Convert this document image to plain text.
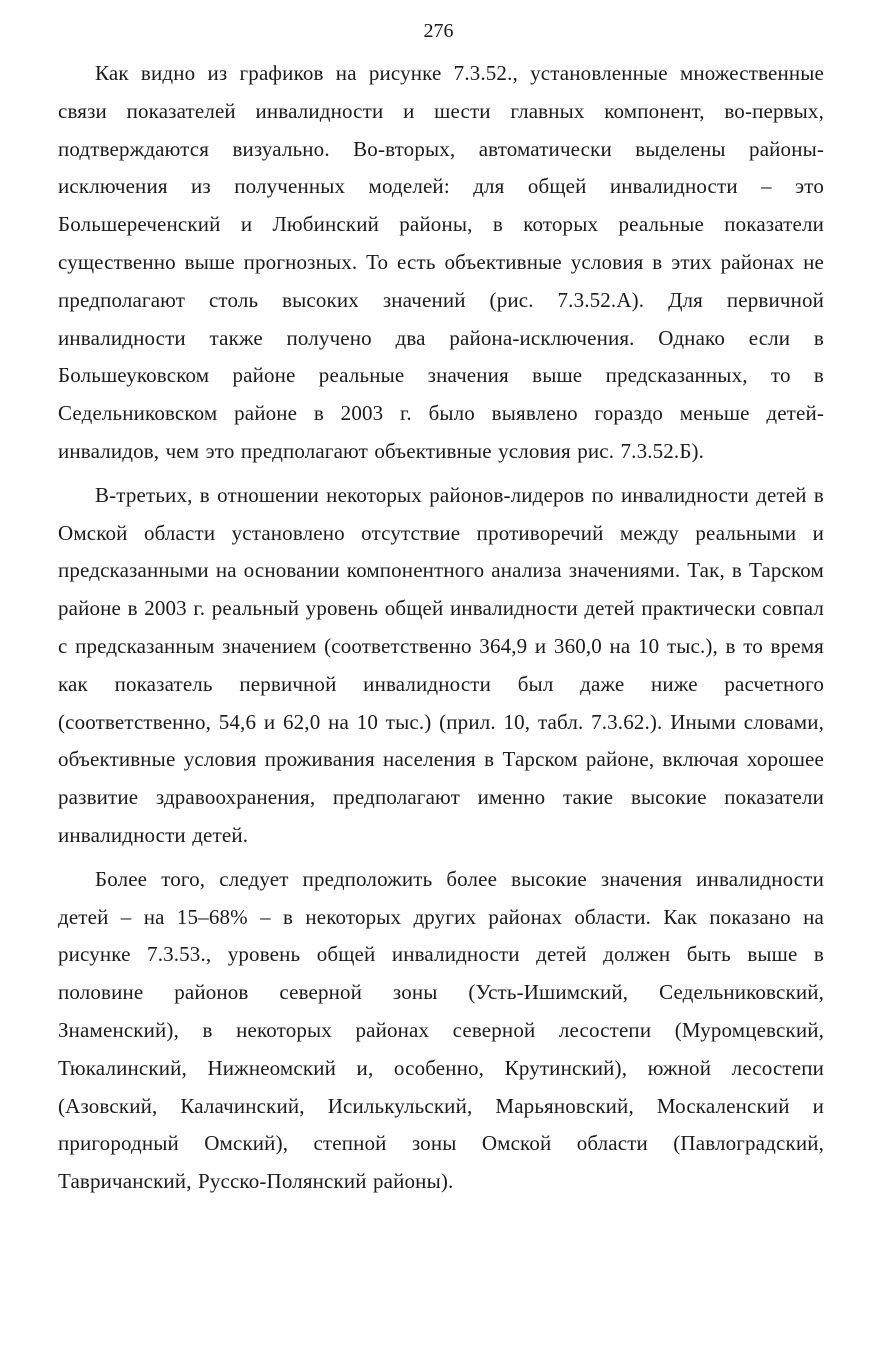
276

Как видно из графиков на рисунке 7.3.52., установленные множественные связи показателей инвалидности и шести главных компонент, во-первых, подтверждаются визуально. Во-вторых, автоматически выделены районы-исключения из полученных моделей: для общей инвалидности – это Большереченский и Любинский районы, в которых реальные показатели существенно выше прогнозных. То есть объективные условия в этих районах не предполагают столь высоких значений (рис. 7.3.52.А). Для первичной инвалидности также получено два района-исключения. Однако если в Большеуковском районе реальные значения выше предсказанных, то в Седельниковском районе в 2003 г. было выявлено гораздо меньше детей-инвалидов, чем это предполагают объективные условия рис. 7.3.52.Б).

В-третьих, в отношении некоторых районов-лидеров по инвалидности детей в Омской области установлено отсутствие противоречий между реальными и предсказанными на основании компонентного анализа значениями. Так, в Тарском районе в 2003 г. реальный уровень общей инвалидности детей практически совпал с предсказанным значением (соответственно 364,9 и 360,0 на 10 тыс.), в то время как показатель первичной инвалидности был даже ниже расчетного (соответственно, 54,6 и 62,0 на 10 тыс.) (прил. 10, табл. 7.3.62.). Иными словами, объективные условия проживания населения в Тарском районе, включая хорошее развитие здравоохранения, предполагают именно такие высокие показатели инвалидности детей.

Более того, следует предположить более высокие значения инвалидности детей – на 15–68% – в некоторых других районах области. Как показано на рисунке 7.3.53., уровень общей инвалидности детей должен быть выше в половине районов северной зоны (Усть-Ишимский, Седельниковский, Знаменский), в некоторых районах северной лесостепи (Муромцевский, Тюкалинский, Нижнеомский и, особенно, Крутинский), южной лесостепи (Азовский, Калачинский, Исилькульский, Марьяновский, Москаленский и пригородный Омский), степной зоны Омской области (Павлоградский, Тавричанский, Русско-Полянский районы).
